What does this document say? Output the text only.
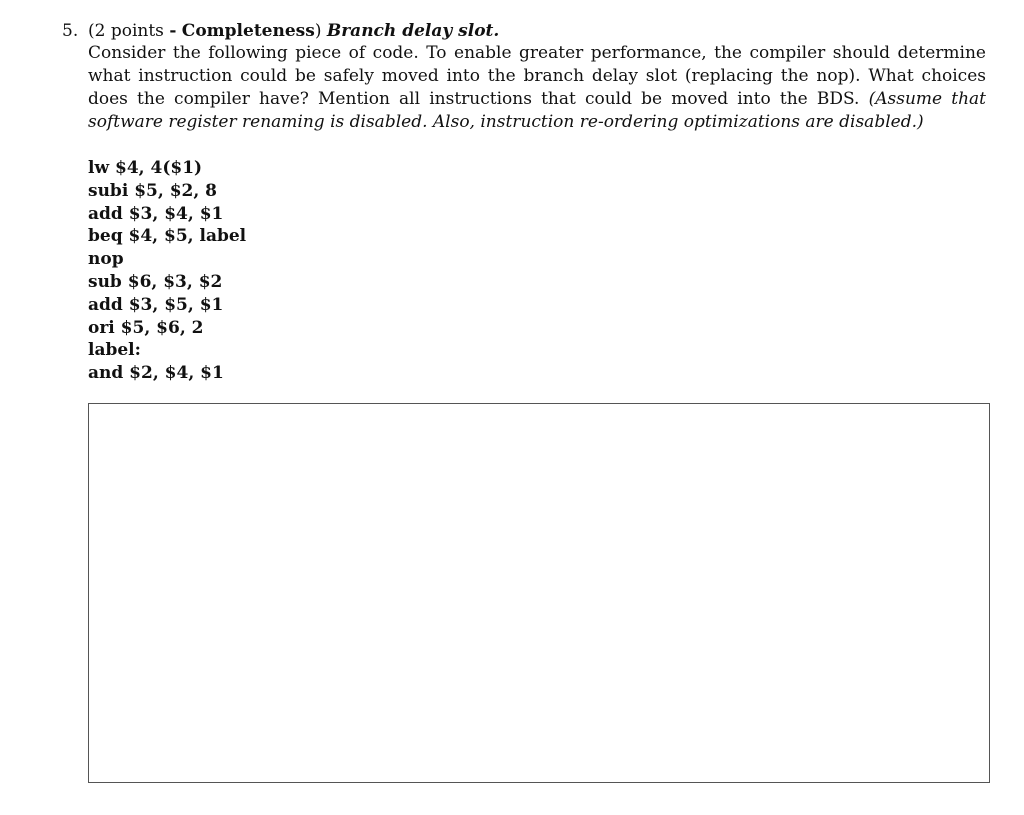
5. (2 points - Completeness) Branch delay slot.
Consider the following piece of code. To enable greater performance, the compiler should determine what instruction could be safely moved into the branch delay slot (replacing the nop). What choices does the compiler have? Mention all instructions that could be moved into the BDS. (Assume that software register renaming is disabled. Also, instruction re-ordering optimizations are disabled.)
lw $4, 4($1)
subi $5, $2, 8
add $3, $4, $1
beq $4, $5, label
nop
sub $6, $3, $2
add $3, $5, $1
ori $5, $6, 2
label:
and $2, $4, $1
